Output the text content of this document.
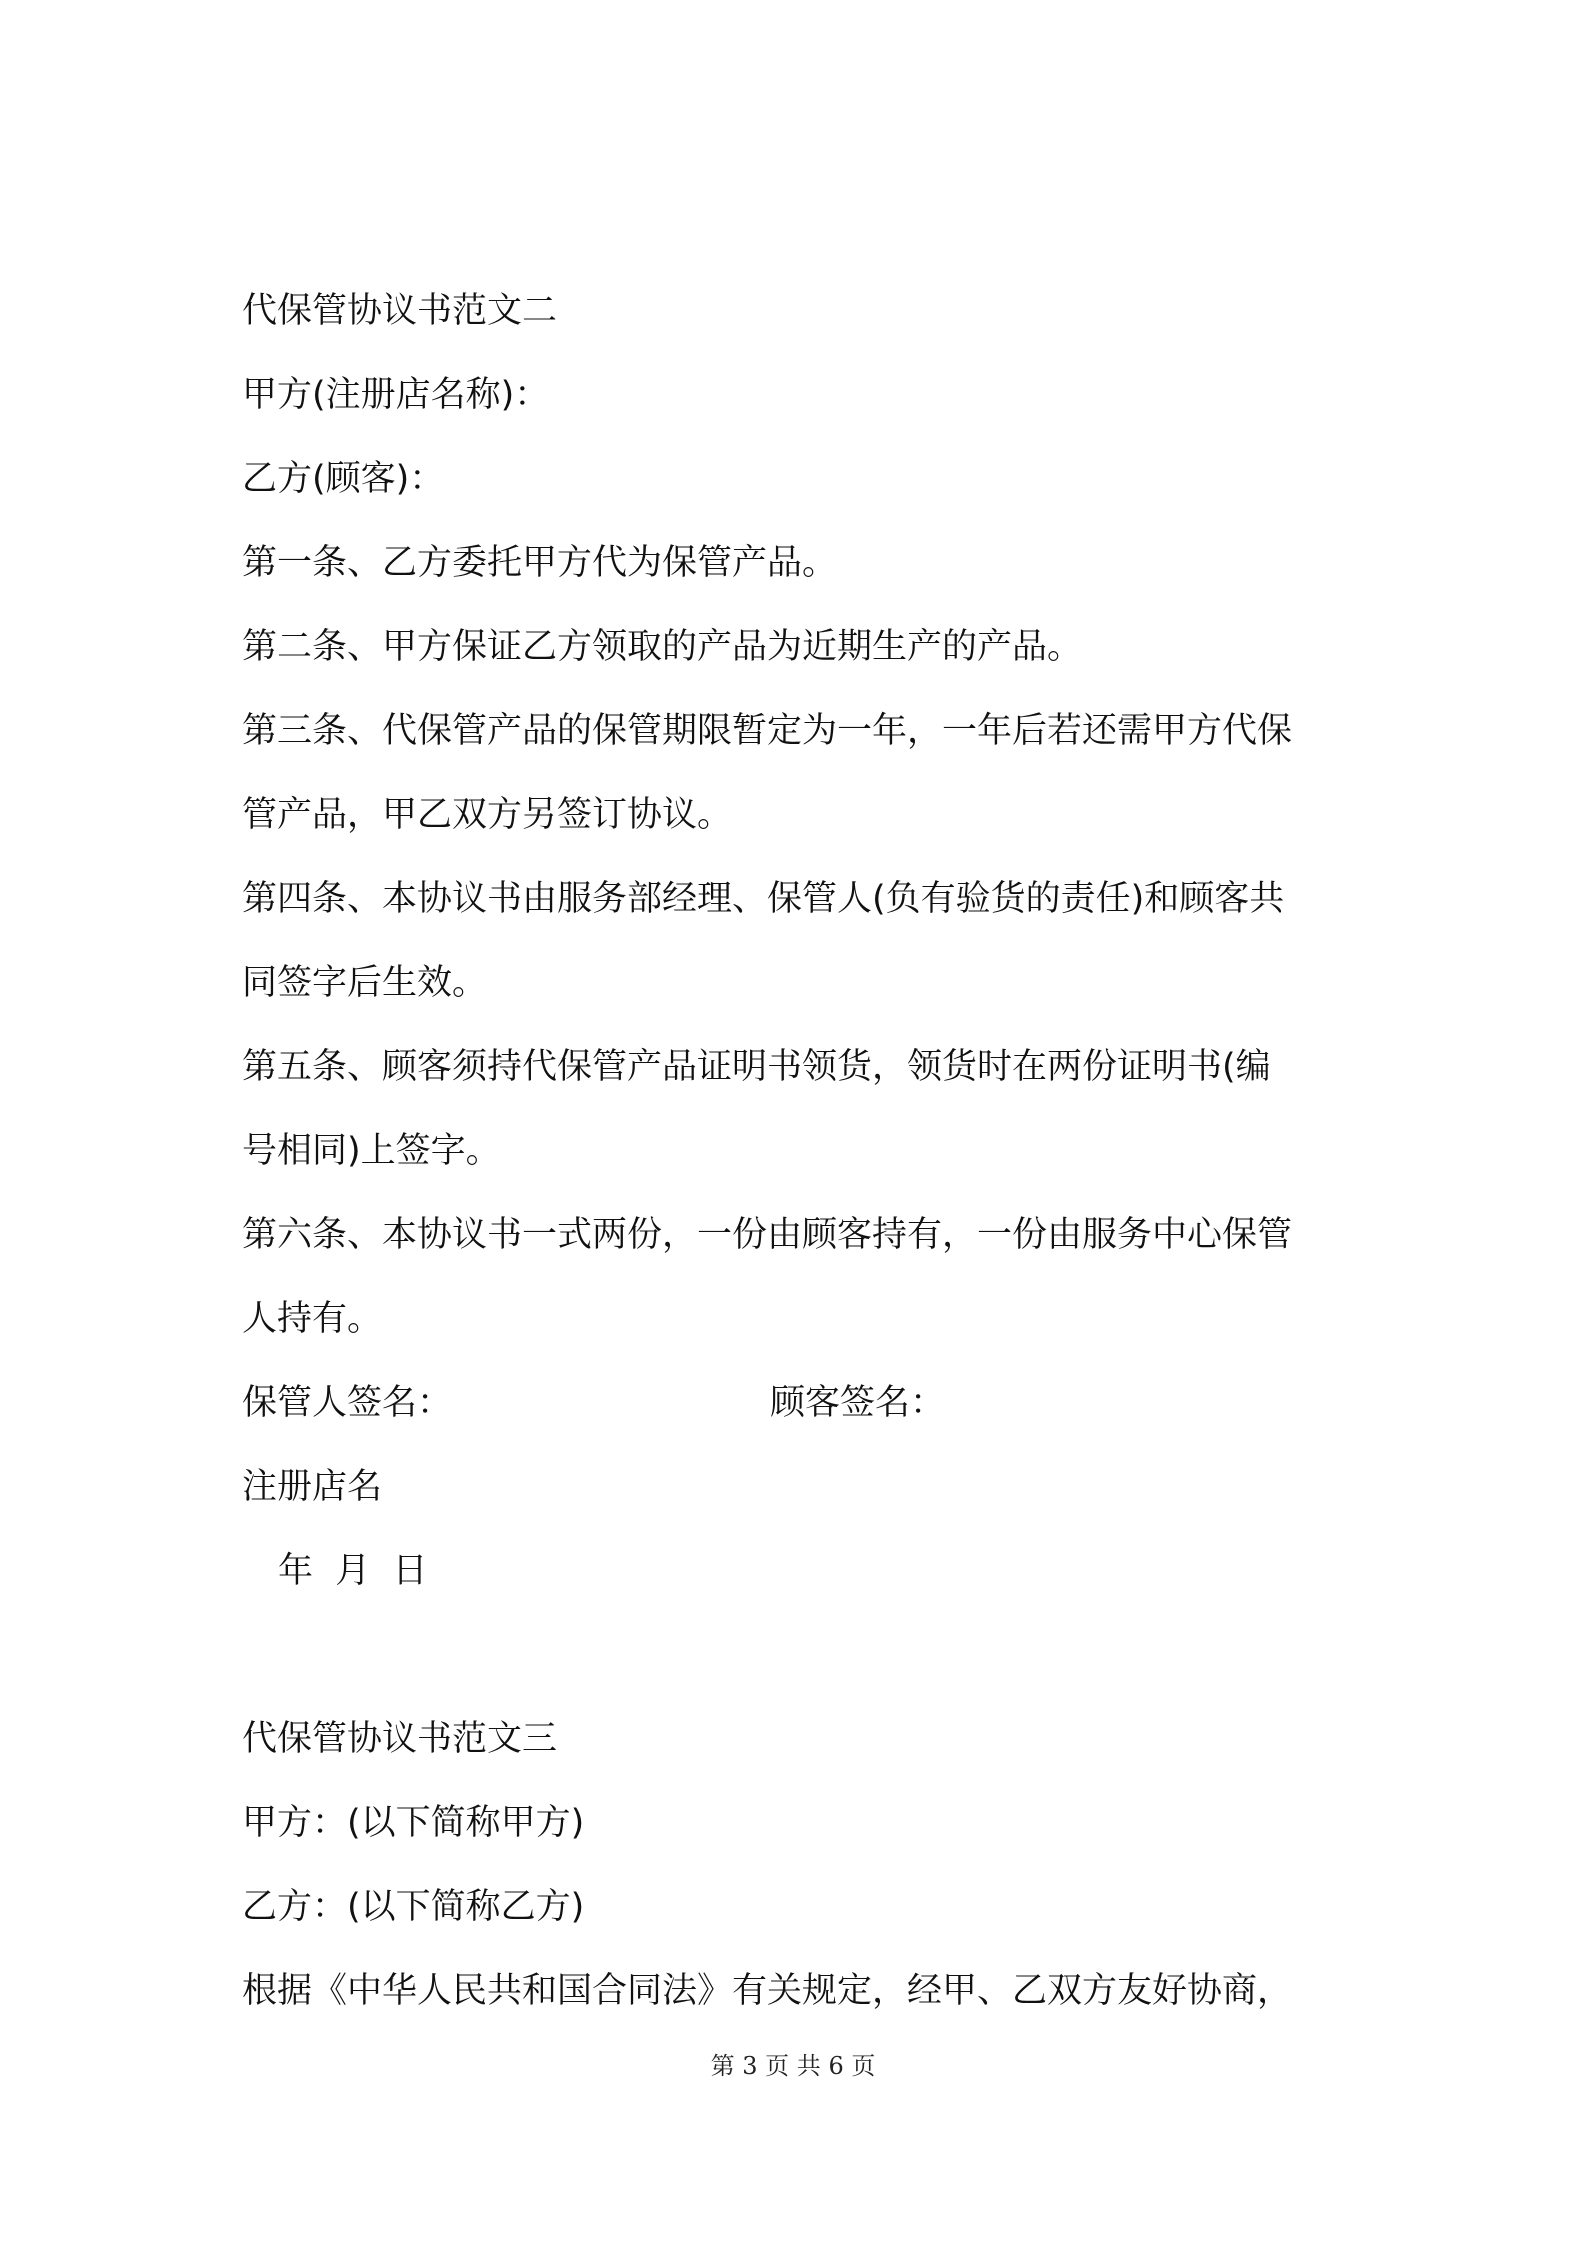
代保管协议书范文二
甲方(注册店名称)：
乙方(顾客)：
第一条、乙方委托甲方代为保管产品。
第二条、甲方保证乙方领取的产品为近期生产的产品。
第三条、代保管产品的保管期限暂定为一年，一年后若还需甲方代保
管产品，甲乙双方另签订协议。
第四条、本协议书由服务部经理、保管人(负有验货的责任)和顾客共
同签字后生效。
第五条、顾客须持代保管产品证明书领货，领货时在两份证明书(编
号相同)上签字。
第六条、本协议书一式两份，一份由顾客持有，一份由服务中心保管
人持有。
保管人签名：	顾客签名：
注册店名
年  月  日
代保管协议书范文三
甲方：(以下简称甲方)
乙方：(以下简称乙方)
根据《中华人民共和国合同法》有关规定，经甲、乙双方友好协商，
第 3 页 共 6 页
